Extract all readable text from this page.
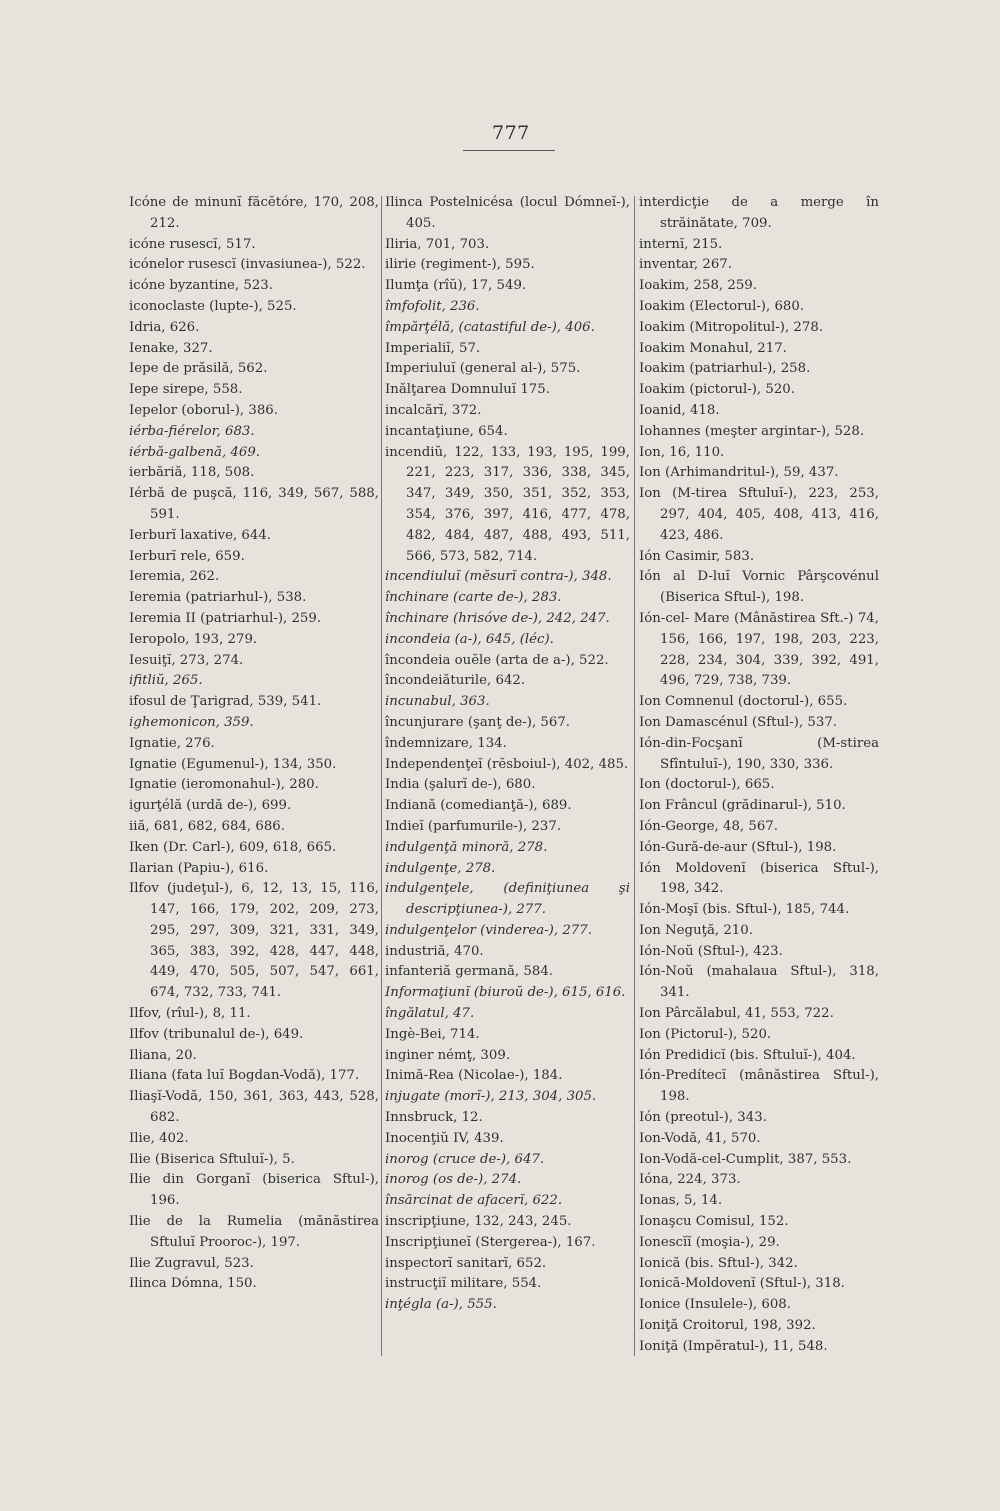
777
Icóne de minunĭ făcĕtóre, 170, 208, 212.
icóne rusescĭ, 517.
icónelor rusescĭ (invasiunea-), 522.
icóne byzantine, 523.
iconoclaste (lupte-), 525.
Idria, 626.
Ienake, 327.
Iepe de prăsilă, 562.
Iepe sirepe, 558.
Iepelor (oborul-), 386.
iérba-fiérelor, 683.
iérbă-galbenă, 469.
ierbăriă, 118, 508.
Iérbă de puşcă, 116, 349, 567, 588, 591.
Ierburĭ laxative, 644.
Ierburĭ rele, 659.
Ieremia, 262.
Ieremia (patriarhul-), 538.
Ieremia II (patriarhul-), 259.
Ieropolo, 193, 279.
Iesuiţĭ, 273, 274.
ifitliŭ, 265.
ifosul de Ţarigrad, 539, 541.
ighemonicon, 359.
Ignatie, 276.
Ignatie (Egumenul-), 134, 350.
Ignatie (ieromonahul-), 280.
igurţélă (urdă de-), 699.
iiă, 681, 682, 684, 686.
Iken (Dr. Carl-), 609, 618, 665.
Ilarian (Papiu-), 616.
Ilfov (judeţul-), 6, 12, 13, 15, 116, 147, 166, 179, 202, 209, 273, 295, 297, 309, 321, 331, 349, 365, 383, 392, 428, 447, 448, 449, 470, 505, 507, 547, 661, 674, 732, 733, 741.
Ilfov, (rîul-), 8, 11.
Ilfov (tribunalul de-), 649.
Iliana, 20.
Iliana (fata luĭ Bogdan-Vodă), 177.
Iliaşĭ-Vodă, 150, 361, 363, 443, 528, 682.
Ilie, 402.
Ilie (Biserica Sftuluĭ-), 5.
Ilie din Gorganĭ (biserica Sftul-), 196.
Ilie de la Rumelia (mănăstirea Sftuluĭ Prooroc-), 197.
Ilie Zugravul, 523.
Ilinca Dómna, 150.
Ilinca Postelnicésa (locul Dómneĭ-), 405.
Iliria, 701, 703.
ilirie (regiment-), 595.
Ilumţa (rîŭ), 17, 549.
îmfofolit, 236.
împărţélă, (catastiful de-), 406.
Imperialiĭ, 57.
Imperiuluĭ (general al-), 575.
Inălţarea Domnuluĭ 175.
incalcărĭ, 372.
incantaţiune, 654.
incendiŭ, 122, 133, 193, 195, 199, 221, 223, 317, 336, 338, 345, 347, 349, 350, 351, 352, 353, 354, 376, 397, 416, 477, 478, 482, 484, 487, 488, 493, 511, 566, 573, 582, 714.
incendiuluĭ (mĕsurĭ contra-), 348.
închinare (carte de-), 283.
închinare (hrisóve de-), 242, 247.
incondeia (a-), 645, (léc).
încondeia ouĕle (arta de a-), 522.
încondeiăturile, 642.
incunabul, 363.
încunjurare (şanţ de-), 567.
îndemnizare, 134.
Independenţeĭ (rĕsboiul-), 402, 485.
India (şalurĭ de-), 680.
Indiană (comedianţă-), 689.
Indieĭ (parfumurile-), 237.
indulgenţă minoră, 278.
indulgenţe, 278.
indulgenţele, (definiţiunea şi descripţiunea-), 277.
indulgenţelor (vinderea-), 277.
industriă, 470.
infanteriă germană, 584.
Informaţiunĭ (biuroŭ de-), 615, 616.
îngălatul, 47.
Ingè-Bei, 714.
inginer némţ, 309.
Inimă-Rea (Nicolae-), 184.
injugate (morĭ-), 213, 304, 305.
Innsbruck, 12.
Inocenţiŭ IV, 439.
inorog (cruce de-), 647.
inorog (os de-), 274.
însărcinat de afacerĭ, 622.
inscripţiune, 132, 243, 245.
Inscripţiuneĭ (Stergerea-), 167.
inspectorĭ sanitarĭ, 652.
instrucţiĭ militare, 554.
inţégla (a-), 555.
interdicţie de a merge în străinătate, 709.
internĭ, 215.
inventar, 267.
Ioakim, 258, 259.
Ioakim (Electorul-), 680.
Ioakim (Mitropolitul-), 278.
Ioakim Monahul, 217.
Ioakim (patriarhul-), 258.
Ioakim (pictorul-), 520.
Ioanid, 418.
Iohannes (meşter argintar-), 528.
Ion, 16, 110.
Ion (Arhimandritul-), 59, 437.
Ion (M-tirea Sftuluĭ-), 223, 253, 297, 404, 405, 408, 413, 416, 423, 486.
Ión Casimir, 583.
Ión al D-luĭ Vornic Pârşcovénul (Biserica Sftul-), 198.
Ión-cel- Mare (Mânăstirea Sft.-) 74, 156, 166, 197, 198, 203, 223, 228, 234, 304, 339, 392, 491, 496, 729, 738, 739.
Ion Comnenul (doctorul-), 655.
Ion Damascénul (Sftul-), 537.
Ión-din-Focşanĭ (M-stirea Sfîntuluĭ-), 190, 330, 336.
Ion (doctorul-), 665.
Ion Frâncul (grădinarul-), 510.
Ión-George, 48, 567.
Ión-Gură-de-aur (Sftul-), 198.
Ión Moldovenĭ (biserica Sftul-), 198, 342.
Ión-Moşĭ (bis. Sftul-), 185, 744.
Ion Neguţă, 210.
Ión-Noŭ (Sftul-), 423.
Ión-Noŭ (mahalaua Sftul-), 318, 341.
Ion Pârcălabul, 41, 553, 722.
Ion (Pictorul-), 520.
Ión Predidicĭ (bis. Sftuluĭ-), 404.
Ión-Predítecĭ (mânăstirea Sftul-), 198.
Ión (preotul-), 343.
Ion-Vodă, 41, 570.
Ion-Vodă-cel-Cumplit, 387, 553.
Ióna, 224, 373.
Ionas, 5, 14.
Ionaşcu Comisul, 152.
Ionescĭĭ (moşia-), 29.
Ionică (bis. Sftul-), 342.
Ionică-Moldovenĭ (Sftul-), 318.
Ionice (Insulele-), 608.
Ioniţă Croitorul, 198, 392.
Ioniţă (Impĕratul-), 11, 548.
